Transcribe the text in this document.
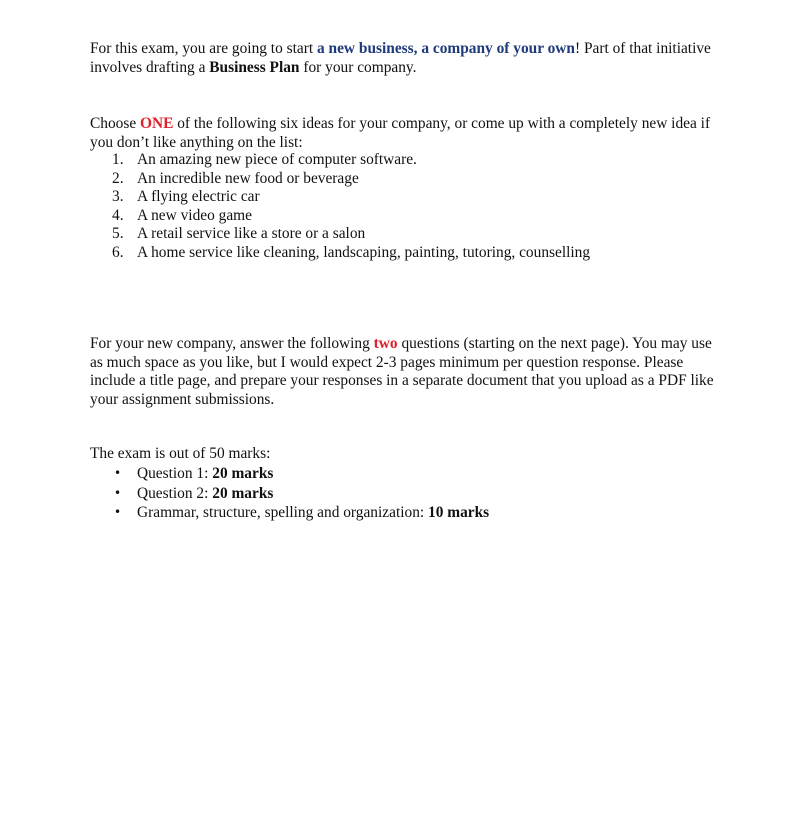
For this exam, you are going to start a new business, a company of your own! Part of that initiative involves drafting a Business Plan for your company.

Choose ONE of the following six ideas for your company, or come up with a completely new idea if you don’t like anything on the list:

1. An amazing new piece of computer software.
2. An incredible new food or beverage
3. A flying electric car
4. A new video game
5. A retail service like a store or a salon
6. A home service like cleaning, landscaping, painting, tutoring, counselling

For your new company, answer the following two questions (starting on the next page). You may use as much space as you like, but I would expect 2-3 pages minimum per question response. Please include a title page, and prepare your responses in a separate document that you upload as a PDF like your assignment submissions.

The exam is out of 50 marks:

• Question 1: 20 marks
• Question 2: 20 marks
• Grammar, structure, spelling and organization: 10 marks
